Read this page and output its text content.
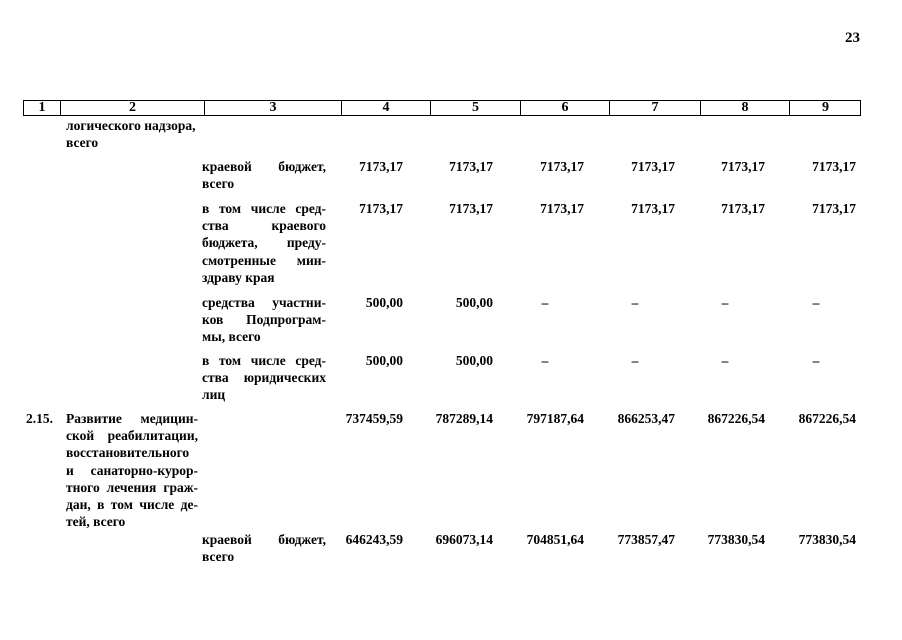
23
1	2	3	4	5	6	7	8	9
логического надзора,
всего
краевой бюджет,
всего
7173,17	7173,17	7173,17	7173,17	7173,17	7173,17
в том числе сред-
ства краевого
бюджета, преду-
смотренные мин-
здраву края
7173,17	7173,17	7173,17	7173,17	7173,17	7173,17
средства участни-
ков Подпрограм-
мы, всего
500,00	500,00	–	–	–	–
в том числе сред-
ства юридических
лиц
500,00	500,00	–	–	–	–
2.15. Развитие медицин-
ской реабилитации,
восстановительного
и санаторно-курор-
тного лечения граж-
дан, в том числе де-
тей, всего
737459,59	787289,14	797187,64	866253,47	867226,54	867226,54
краевой бюджет,
всего
646243,59	696073,14	704851,64	773857,47	773830,54	773830,54
